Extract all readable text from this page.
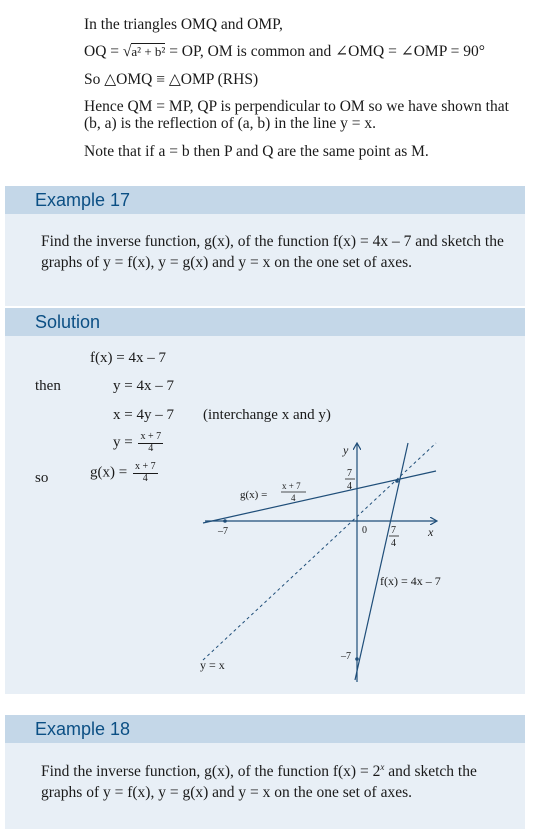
In the triangles OMQ and OMP,

OQ = √a² + b² = OP, OM is common and ∠OMQ = ∠OMP = 90°

So △OMQ ≡ △OMP (RHS)

Hence QM = MP, QP is perpendicular to OM so we have shown that (b, a) is the reflection of (a, b) in the line y = x.

Note that if a = b then P and Q are the same point as M.

Example 17
Find the inverse function, g(x), of the function f(x) = 4x – 7 and sketch the graphs of y = f(x), y = g(x) and y = x on the one set of axes.
Solution
f(x) = 4x – 7
then	y = 4x – 7
x = 4y – 7 (interchange x and y)
$y = \frac{x + 7}{4}$
so	$g(x) = \frac{x + 7}{4}$
y
x
0
–7
–7
7
4
7
4
g(x) =
x + 7
4
f(x) = 4x – 7
y = x
Example 18
Find the inverse function, g(x), of the function $f(x) = 2^x$ and sketch the graphs of y = f(x), y = g(x) and y = x on the one set of axes.
